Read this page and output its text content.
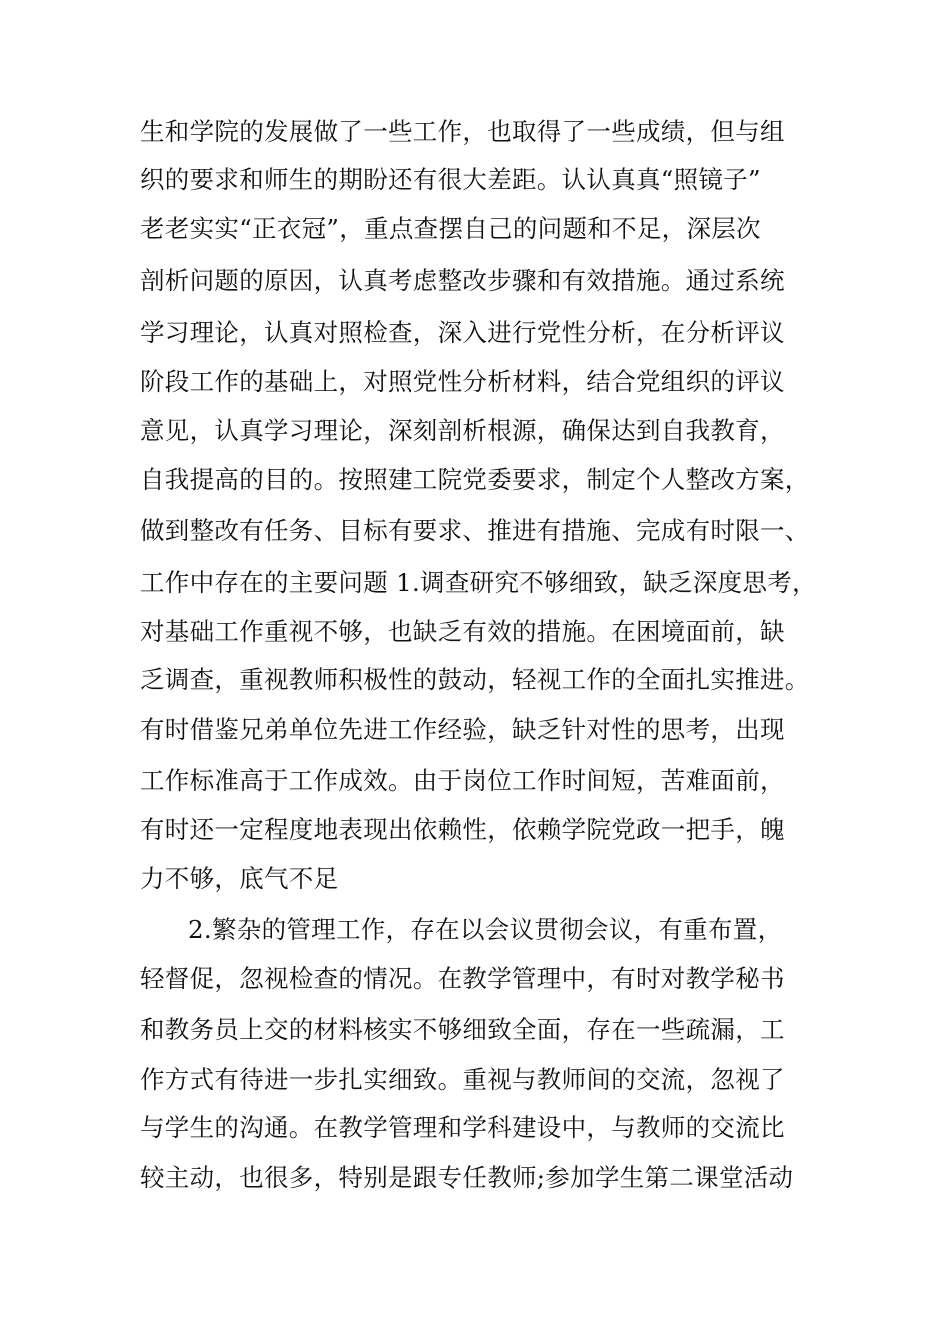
生和学院的发展做了一些工作，也取得了一些成绩，但与组
织的要求和师生的期盼还有很大差距。认认真真“照镜子”
老老实实“正衣冠”，重点查摆自己的问题和不足，深层次
剖析问题的原因，认真考虑整改步骤和有效措施。通过系统
学习理论，认真对照检查，深入进行党性分析，在分析评议
阶段工作的基础上，对照党性分析材料，结合党组织的评议
意见，认真学习理论，深刻剖析根源，确保达到自我教育，
自我提高的目的。按照建工院党委要求，制定个人整改方案，
做到整改有任务、目标有要求、推进有措施、完成有时限一、
工作中存在的主要问题 1.调查研究不够细致，缺乏深度思考，
对基础工作重视不够，也缺乏有效的措施。在困境面前，缺
乏调查，重视教师积极性的鼓动，轻视工作的全面扎实推进。
有时借鉴兄弟单位先进工作经验，缺乏针对性的思考，出现
工作标准高于工作成效。由于岗位工作时间短，苦难面前，
有时还一定程度地表现出依赖性，依赖学院党政一把手，魄
力不够，底气不足
2.繁杂的管理工作，存在以会议贯彻会议，有重布置，
轻督促，忽视检查的情况。在教学管理中，有时对教学秘书
和教务员上交的材料核实不够细致全面，存在一些疏漏，工
作方式有待进一步扎实细致。重视与教师间的交流，忽视了
与学生的沟通。在教学管理和学科建设中，与教师的交流比
较主动，也很多，特别是跟专任教师;参加学生第二课堂活动
